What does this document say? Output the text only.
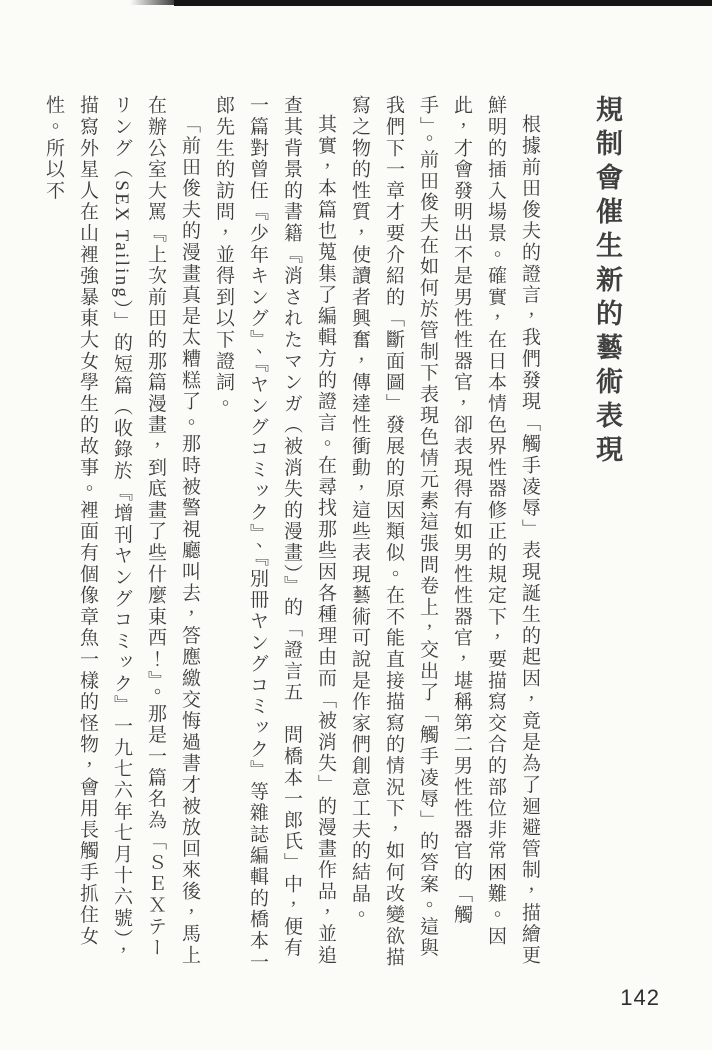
規制會催生新的藝術表現

根據前田俊夫的證言，我們發現「觸手凌辱」表現誕生的起因，竟是為了迴避管制，描繪更鮮明的插入場景。確實，在日本情色界性器修正的規定下，要描寫交合的部位非常困難。因此，才會發明出不是男性性器官，卻表現得有如男性性器官，堪稱第二男性性器官的「觸手」。前田俊夫在如何於管制下表現色情元素這張問卷上，交出了「觸手凌辱」的答案。這與我們下一章才要介紹的「斷面圖」發展的原因類似。在不能直接描寫的情況下，如何改變欲描寫之物的性質，使讀者興奮，傳達性衝動，這些表現藝術可說是作家們創意工夫的結晶。

其實，本篇也蒐集了編輯方的證言。在尋找那些因各種理由而「被消失」的漫畫作品，並追查其背景的書籍『消されたマンガ（被消失的漫畫）』的「證言五　問橋本一郎氏」中，便有一篇對曾任『少年キング』、『ヤングコミック』、『別冊ヤングコミック』等雜誌編輯的橋本一郎先生的訪問，並得到以下證詞。

「前田俊夫的漫畫真是太糟糕了。那時被警視廳叫去，答應繳交悔過書才被放回來後，馬上在辦公室大罵『上次前田的那篇漫畫，到底畫了些什麼東西！』。那是一篇名為「ＳＥＸテーリング（SEX Tailing）」的短篇（收錄於『增刊ヤングコミック』一九七六年七月十六號），描寫外星人在山裡強暴東大女學生的故事。裡面有個像章魚一樣的怪物，會用長觸手抓住女性。所以不

142
